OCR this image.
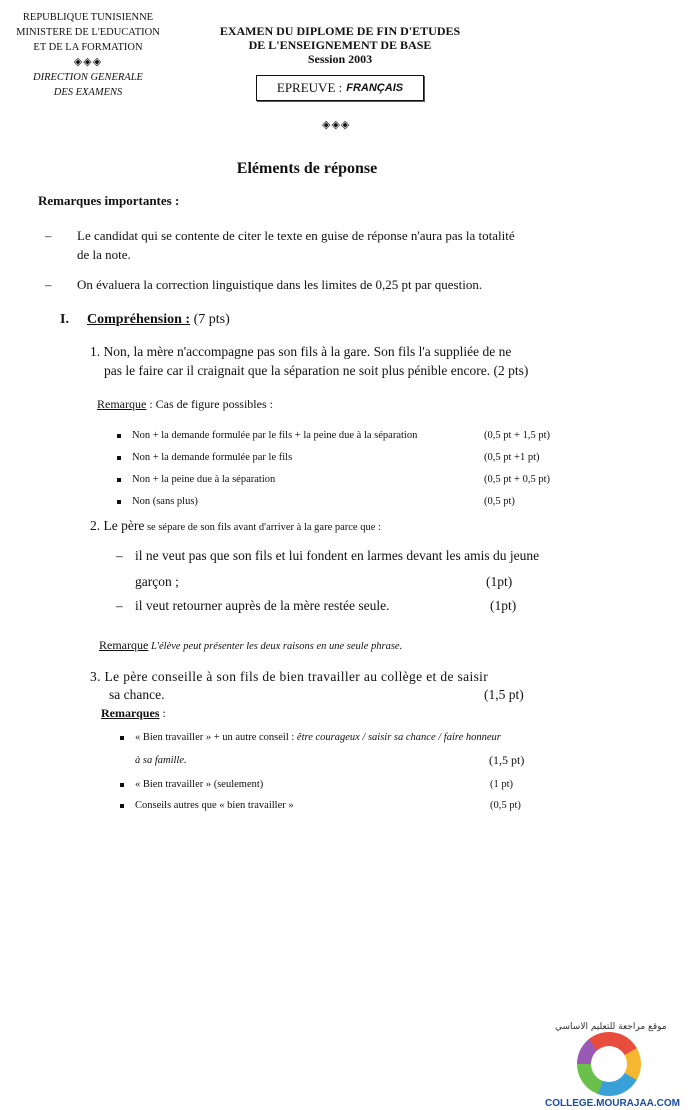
REPUBLIQUE TUNISIENNE
MINISTERE DE L'EDUCATION
ET DE LA FORMATION
◈◈◈
DIRECTION GENERALE
DES EXAMENS
EXAMEN DU DIPLOME DE FIN D'ETUDES
DE L'ENSEIGNEMENT DE BASE
Session 2003
EPREUVE : FRANÇAIS
◈◈◈
Eléments de réponse
Remarques importantes :
– Le candidat qui se contente de citer le texte en guise de réponse n'aura pas la totalité
de la note.
– On évaluera la correction linguistique dans les limites de 0,25 pt par question.
I. Compréhension : (7 pts)
1. Non, la mère n'accompagne pas son fils à la gare. Son fils l'a suppliée de ne
pas le faire car il craignait que la séparation ne soit plus pénible encore. (2 pts)
Remarque : Cas de figure possibles :
Non + la demande formulée par le fils + la peine due à la séparation	(0,5 pt + 1,5 pt)
Non + la demande formulée par le fils	(0,5 pt +1 pt)
Non + la peine due à la séparation	(0,5 pt + 0,5 pt)
Non (sans plus)	(0,5 pt)
2. Le père se sépare de son fils avant d'arriver à la gare parce que :
– il ne veut pas que son fils et lui fondent en larmes devant les amis du jeune
garçon ;	(1pt)
– il veut retourner auprès de la mère restée seule.	(1pt)
Remarque L'élève peut présenter les deux raisons en une seule phrase.
3. Le père conseille à son fils de bien travailler au collège et de saisir
sa chance.	(1,5 pt)
Remarques :
« Bien travailler » + un autre conseil : être courageux / saisir sa chance / faire honneur
à sa famille.	(1,5 pt)
« Bien travailler » (seulement)	(1 pt)
Conseils autres que « bien travailler »	(0,5 pt)
موقع مراجعة للتعليم الاساسي
COLLEGE.MOURAJAA.COM
